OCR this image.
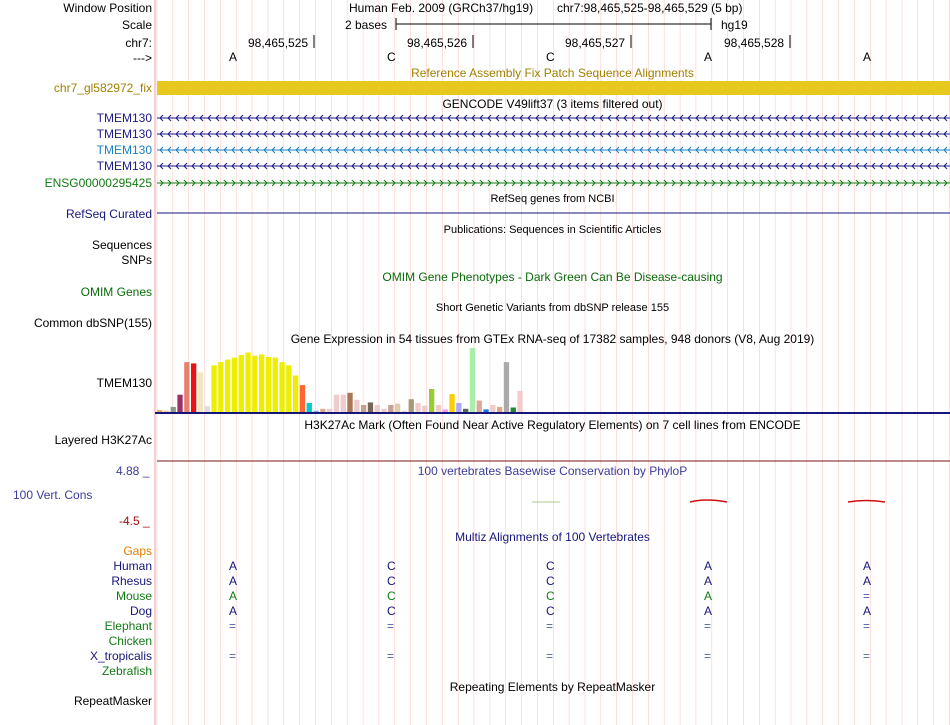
Window Position
Scale
chr7:
--->
Human Feb. 2009 (GRCh37/hg19) chr7:98,465,525-98,465,529 (5 bp)
2 bases	hg19
98,465,525	98,465,526	98,465,527	98,465,528
A	C	C	A	A
Reference Assembly Fix Patch Sequence Alignments
chr7_gl582972_fix
GENCODE V49lift37 (3 items filtered out)
TMEM130
TMEM130
TMEM130
TMEM130
ENSG00000295425
RefSeq genes from NCBI
RefSeq Curated
Publications: Sequences in Scientific Articles
Sequences
SNPs
OMIM Gene Phenotypes - Dark Green Can Be Disease-causing
OMIM Genes
Short Genetic Variants from dbSNP release 155
Common dbSNP(155)
Gene Expression in 54 tissues from GTEx RNA-seq of 17382 samples, 948 donors (V8, Aug 2019)
TMEM130
H3K27Ac Mark (Often Found Near Active Regulatory Elements) on 7 cell lines from ENCODE
Layered H3K27Ac
100 vertebrates Basewise Conservation by PhyloP
4.88 _
100 Vert. Cons
-4.5 _
Multiz Alignments of 100 Vertebrates
Gaps
Human	A	C	C	A	A
Rhesus	A	C	C	A	A
Mouse	A	C	C	A	=
Dog	A	C	C	A	A
Elephant	=	=	=	=	=
Chicken
X_tropicalis	=	=	=	=	=
Zebrafish
Repeating Elements by RepeatMasker
RepeatMasker
